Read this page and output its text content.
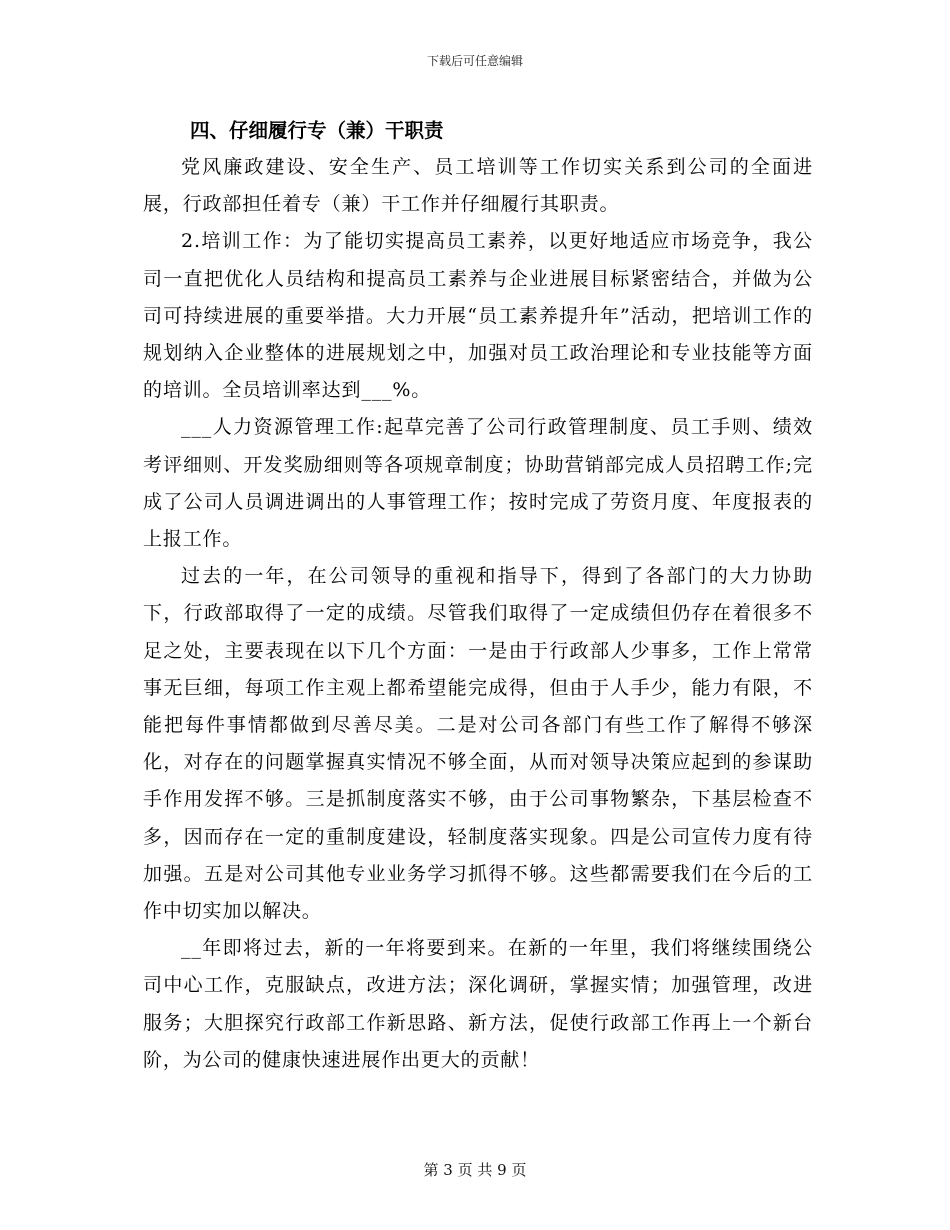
下载后可任意编辑
四、仔细履行专（兼）干职责

党风廉政建设、安全生产、员工培训等工作切实关系到公司的全面进展，行政部担任着专（兼）干工作并仔细履行其职责。

2.培训工作：为了能切实提高员工素养，以更好地适应市场竞争，我公司一直把优化人员结构和提高员工素养与企业进展目标紧密结合，并做为公司可持续进展的重要举措。大力开展“员工素养提升年”活动，把培训工作的规划纳入企业整体的进展规划之中，加强对员工政治理论和专业技能等方面的培训。全员培训率达到___%。

___人力资源管理工作:起草完善了公司行政管理制度、员工手则、绩效考评细则、开发奖励细则等各项规章制度；协助营销部完成人员招聘工作;完成了公司人员调进调出的人事管理工作；按时完成了劳资月度、年度报表的上报工作。

过去的一年，在公司领导的重视和指导下，得到了各部门的大力协助下，行政部取得了一定的成绩。尽管我们取得了一定成绩但仍存在着很多不足之处，主要表现在以下几个方面：一是由于行政部人少事多，工作上常常事无巨细，每项工作主观上都希望能完成得，但由于人手少，能力有限，不能把每件事情都做到尽善尽美。二是对公司各部门有些工作了解得不够深化，对存在的问题掌握真实情况不够全面，从而对领导决策应起到的参谋助手作用发挥不够。三是抓制度落实不够，由于公司事物繁杂，下基层检查不多，因而存在一定的重制度建设，轻制度落实现象。四是公司宣传力度有待加强。五是对公司其他专业业务学习抓得不够。这些都需要我们在今后的工作中切实加以解决。

__年即将过去，新的一年将要到来。在新的一年里，我们将继续围绕公司中心工作，克服缺点，改进方法；深化调研，掌握实情；加强管理，改进服务；大胆探究行政部工作新思路、新方法，促使行政部工作再上一个新台阶，为公司的健康快速进展作出更大的贡献！

第 3 页 共 9 页
